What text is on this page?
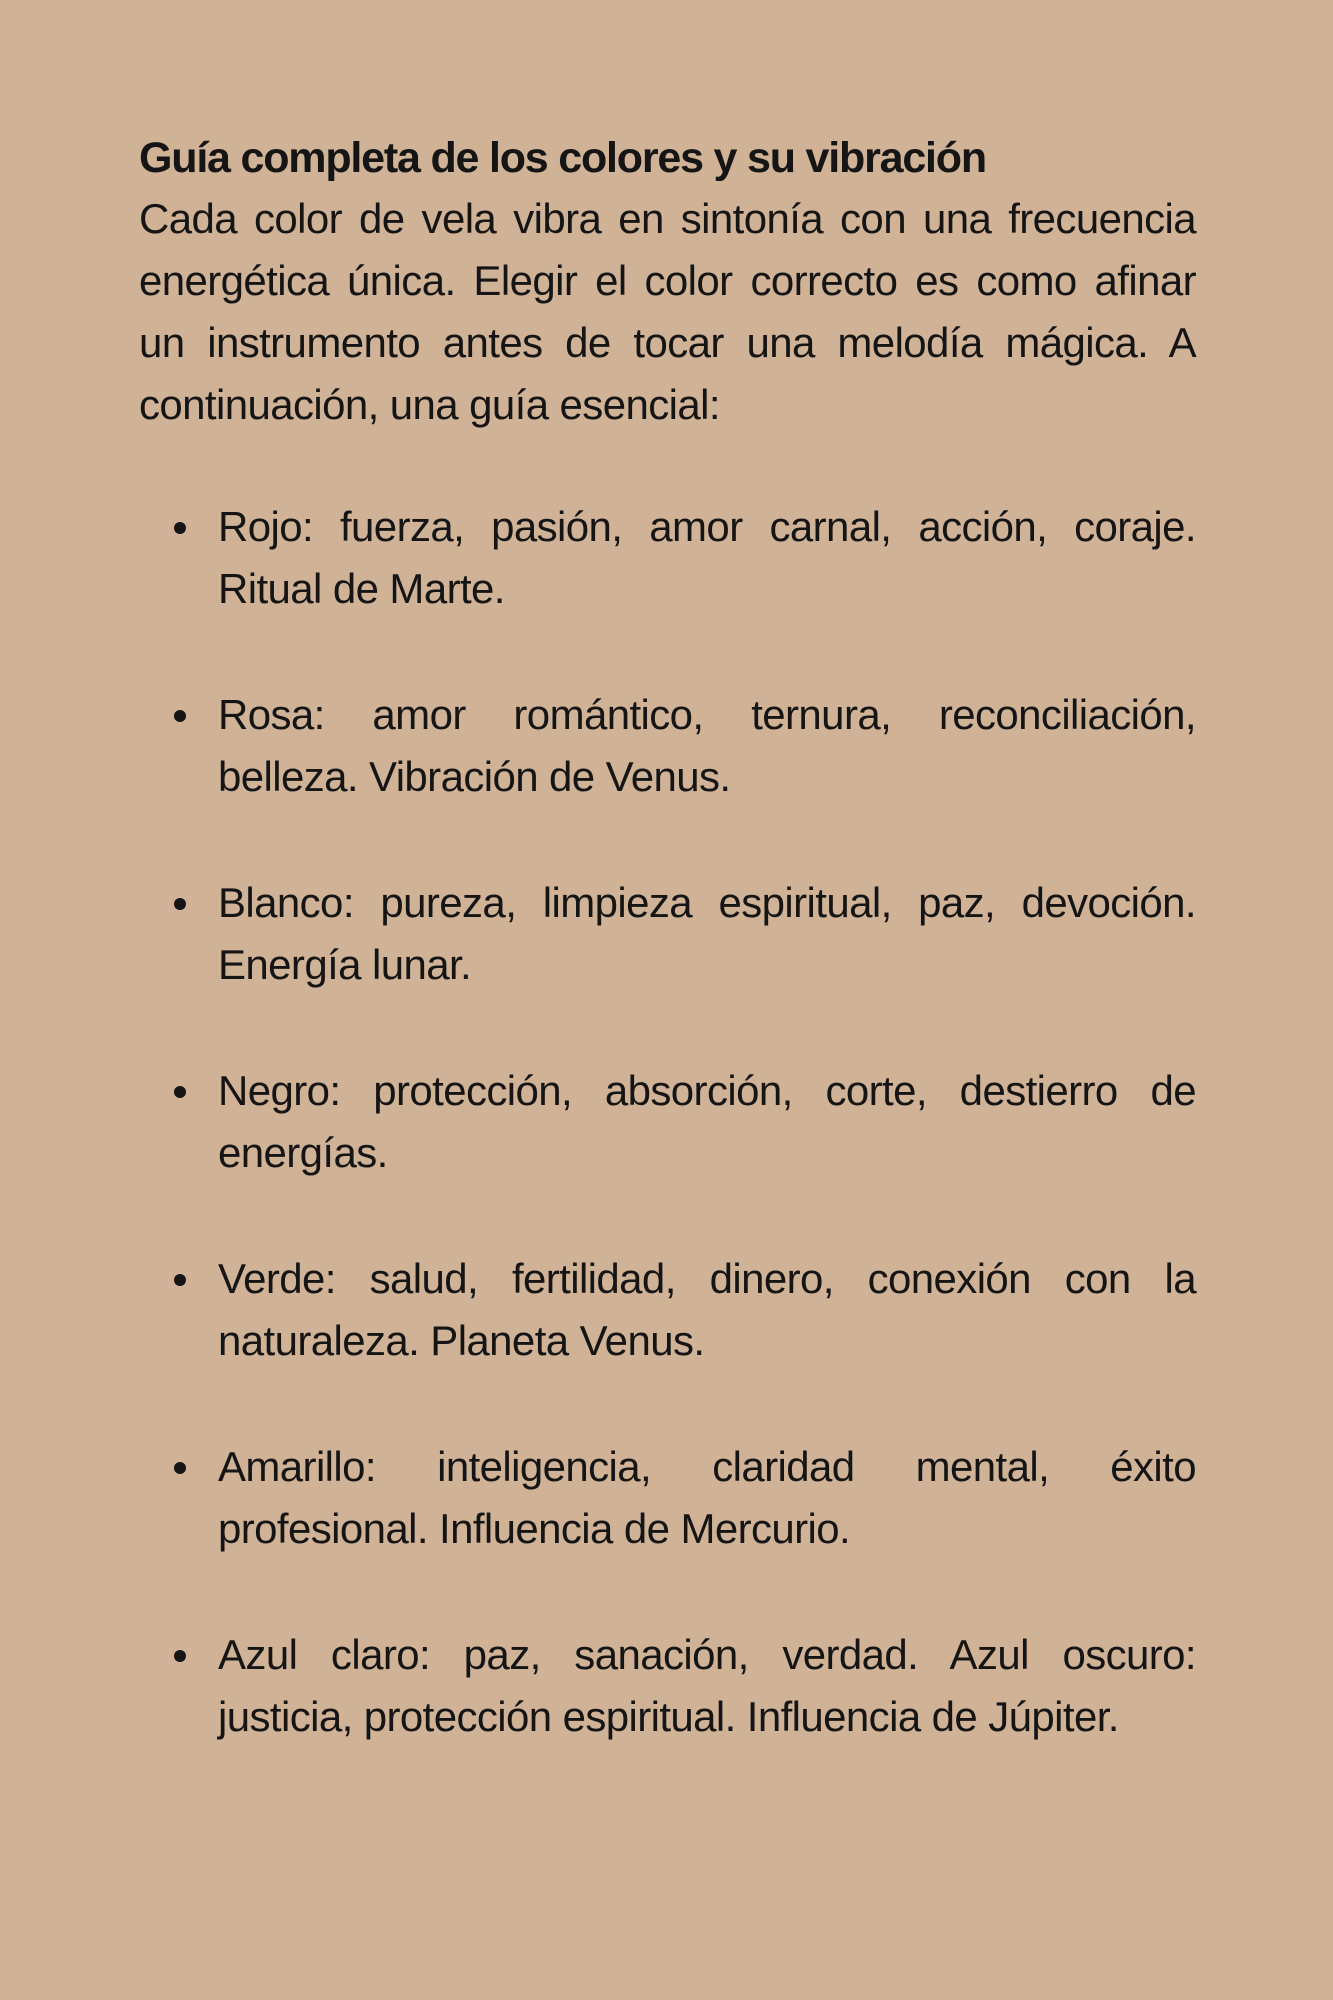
Guía completa de los colores y su vibración

Cada color de vela vibra en sintonía con una frecuencia energética única. Elegir el color correcto es como afinar un instrumento antes de tocar una melodía mágica. A continuación, una guía esencial:

Rojo: fuerza, pasión, amor carnal, acción, coraje. Ritual de Marte.
Rosa: amor romántico, ternura, reconciliación, belleza. Vibración de Venus.
Blanco: pureza, limpieza espiritual, paz, devoción. Energía lunar.
Negro: protección, absorción, corte, destierro de energías.
Verde: salud, fertilidad, dinero, conexión con la naturaleza. Planeta Venus.
Amarillo: inteligencia, claridad mental, éxito profesional. Influencia de Mercurio.
Azul claro: paz, sanación, verdad. Azul oscuro: justicia, protección espiritual. Influencia de Júpiter.
